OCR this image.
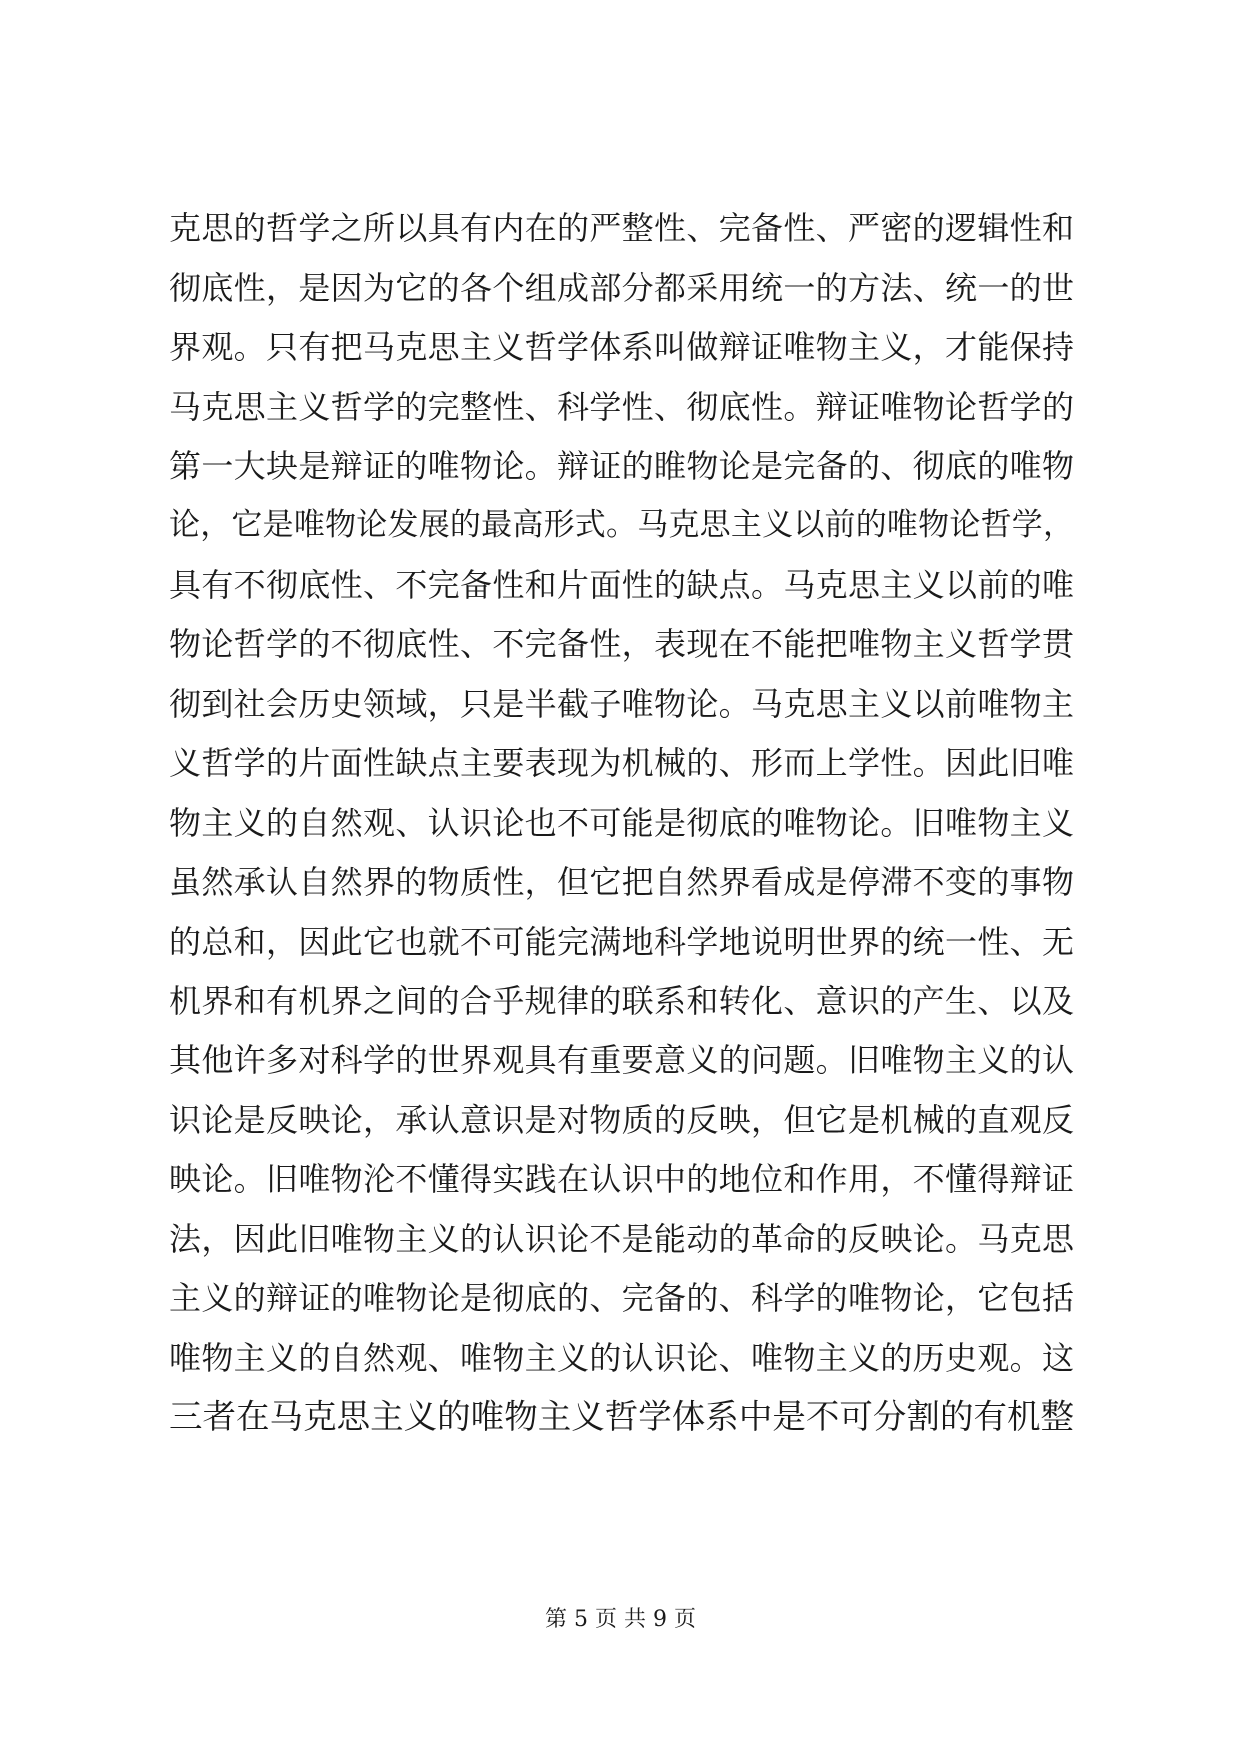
克思的哲学之所以具有内在的严整性、完备性、严密的逻辑性和
彻底性，是因为它的各个组成部分都采用统一的方法、统一的世
界观。只有把马克思主义哲学体系叫做辩证唯物主义，才能保持
马克思主义哲学的完整性、科学性、彻底性。辩证唯物论哲学的
第一大块是辩证的唯物论。辩证的睢物论是完备的、彻底的唯物
论，它是唯物论发展的最高形式。马克思主义以前的唯物论哲学，
具有不彻底性、不完备性和片面性的缺点。马克思主义以前的唯
物论哲学的不彻底性、不完备性，表现在不能把唯物主义哲学贯
彻到社会历史领域，只是半截子唯物论。马克思主义以前唯物主
义哲学的片面性缺点主要表现为机械的、形而上学性。因此旧唯
物主义的自然观、认识论也不可能是彻底的唯物论。旧唯物主义
虽然承认自然界的物质性，但它把自然界看成是停滞不变的事物
的总和，因此它也就不可能完满地科学地说明世界的统一性、无
机界和有机界之间的合乎规律的联系和转化、意识的产生、以及
其他许多对科学的世界观具有重要意义的问题。旧唯物主义的认
识论是反映论，承认意识是对物质的反映，但它是机械的直观反
映论。旧唯物沦不懂得实践在认识中的地位和作用，不懂得辩证
法，因此旧唯物主义的认识论不是能动的革命的反映论。马克思
主义的辩证的唯物论是彻底的、完备的、科学的唯物论，它包括
唯物主义的自然观、唯物主义的认识论、唯物主义的历史观。这
三者在马克思主义的唯物主义哲学体系中是不可分割的有机整
第 5 页 共 9 页
